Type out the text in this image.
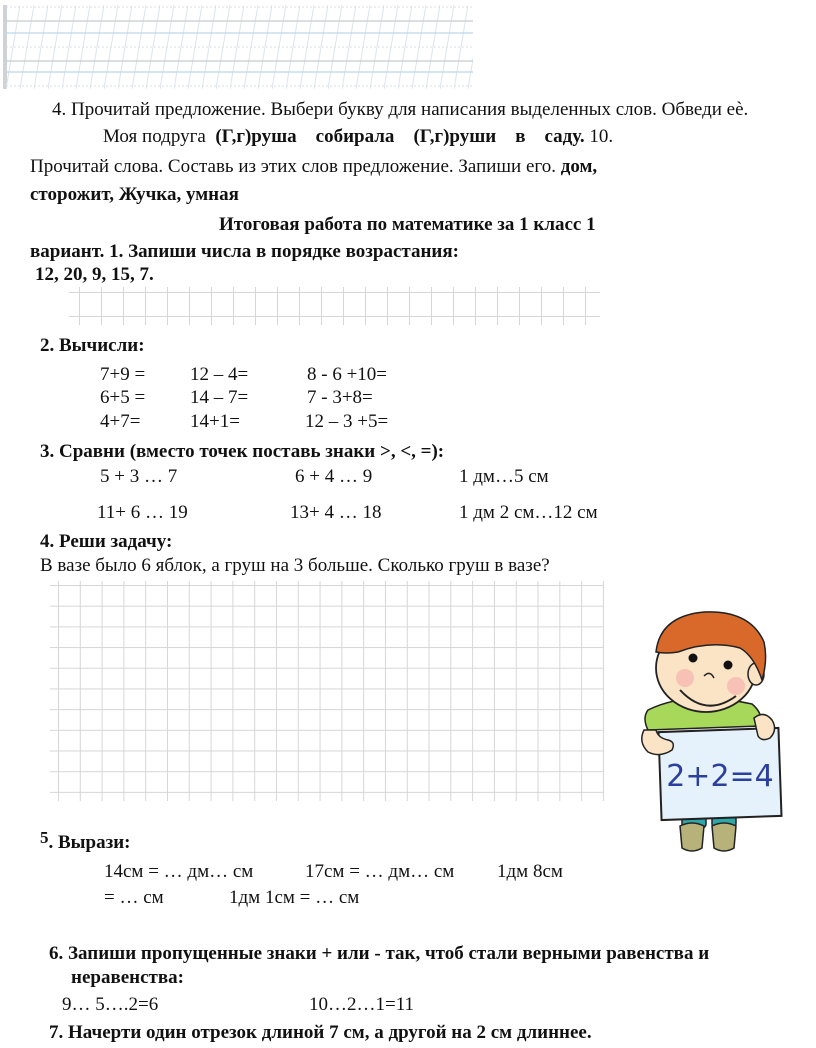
4. Прочитай предложение. Выбери букву для написания выделенных слов. Обведи еѐ.
Моя подруга (Г,г)руша собирала (Г,г)руши в саду. 10.
Прочитай слова. Составь из этих слов предложение. Запиши его. дом,
сторожит, Жучка, умная
Итоговая работа по математике за 1 класс 1
вариант. 1. Запиши числа в порядке возрастания:
12, 20, 9, 15, 7.
2. Вычисли:
7+9 = 12 – 4=	8 - 6 +10=
6+5 = 14 – 7=	7 - 3+8=
4+7=	14+1=	12 – 3 +5=
3. Сравни (вместо точек поставь знаки >, <, =):
5 + 3 … 7	6 + 4 … 9	1 дм…5 см
11+ 6 … 19	13+ 4 … 18	1 дм 2 см…12 см
4. Реши задачу:
В вазе было 6 яблок, а груш на 3 больше. Сколько груш в вазе?
2+2=4
5. Вырази:
14см = … дм… см	17см = … дм… см 1дм 8см
= … см	1дм 1см = … см
6. Запиши пропущенные знаки + или - так, чтоб стали верными равенства и
неравенства:
9… 5….2=6	10…2…1=11
7. Начерти один отрезок длиной 7 см, а другой на 2 см длиннее.
